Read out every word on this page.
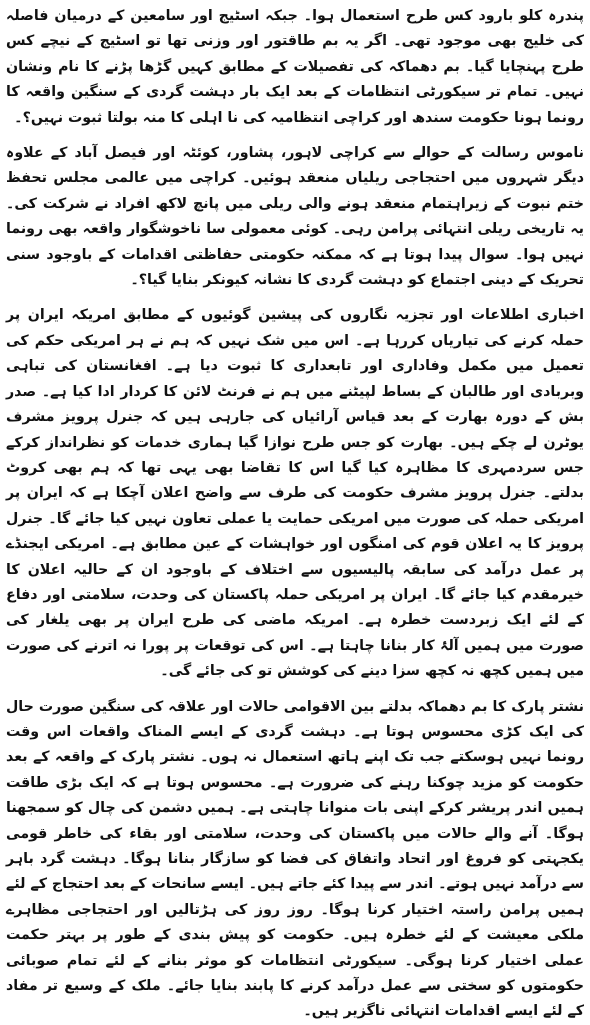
پندرہ کلو بارود کس طرح استعمال ہوا۔ جبکہ اسٹیج اور سامعین کے درمیان فاصلہ کی خلیج بھی موجود تھی۔ اگر یہ بم طاقتور اور وزنی تھا تو اسٹیج کے نیچے کس طرح پہنچایا گیا۔ بم دھماکہ کی تفصیلات کے مطابق کہیں گڑھا پڑنے کا نام ونشان نہیں۔ تمام تر سیکورٹی انتظامات کے بعد ایک بار دہشت گردی کے سنگین واقعہ کا رونما ہونا حکومت سندھ اور کراچی انتظامیہ کی نا اہلی کا منہ بولتا ثبوت نہیں؟۔

ناموس رسالت کے حوالے سے کراچی لاہور، پشاور، کوئٹہ اور فیصل آباد کے علاوہ دیگر شہروں میں احتجاجی ریلیاں منعقد ہوئیں۔ کراچی میں عالمی مجلس تحفظ ختم نبوت کے زیراہتمام منعقد ہونے والی ریلی میں پانچ لاکھ افراد نے شرکت کی۔ یہ تاریخی ریلی انتہائی پرامن رہی۔ کوئی معمولی سا ناخوشگوار واقعہ بھی رونما نہیں ہوا۔ سوال پیدا ہوتا ہے کہ ممکنہ حکومتی حفاظتی اقدامات کے باوجود سنی تحریک کے دینی اجتماع کو دہشت گردی کا نشانہ کیونکر بنایا گیا؟۔

اخباری اطلاعات اور تجزیہ نگاروں کی پیشین گوئیوں کے مطابق امریکہ ایران پر حملہ کرنے کی تیاریاں کررہا ہے۔ اس میں شک نہیں کہ ہم نے ہر امریکی حکم کی تعمیل میں مکمل وفاداری اور تابعداری کا ثبوت دیا ہے۔ افغانستان کی تباہی وبربادی اور طالبان کے بساط لپیٹنے میں ہم نے فرنٹ لائن کا کردار ادا کیا ہے۔ صدر بش کے دورہ بھارت کے بعد قیاس آرائیاں کی جارہی ہیں کہ جنرل پرویز مشرف یوٹرن لے چکے ہیں۔ بھارت کو جس طرح نوازا گیا ہماری خدمات کو نظرانداز کرکے جس سردمہری کا مظاہرہ کیا گیا اس کا تقاضا بھی یہی تھا کہ ہم بھی کروٹ بدلتے۔ جنرل پرویز مشرف حکومت کی طرف سے واضح اعلان آچکا ہے کہ ایران پر امریکی حملہ کی صورت میں امریکی حمایت یا عملی تعاون نہیں کیا جائے گا۔ جنرل پرویز کا یہ اعلان قوم کی امنگوں اور خواہشات کے عین مطابق ہے۔ امریکی ایجنڈے پر عمل درآمد کی سابقہ پالیسیوں سے اختلاف کے باوجود ان کے حالیہ اعلان کا خیرمقدم کیا جائے گا۔ ایران پر امریکی حملہ پاکستان کی وحدت، سلامتی اور دفاع کے لئے ایک زبردست خطرہ ہے۔ امریکہ ماضی کی طرح ایران پر بھی یلغار کی صورت میں ہمیں آلۂ کار بنانا چاہتا ہے۔ اس کی توقعات پر پورا نہ اترنے کی صورت میں ہمیں کچھ نہ کچھ سزا دینے کی کوشش تو کی جائے گی۔

نشتر پارک کا بم دھماکہ بدلتے بین الاقوامی حالات اور علاقہ کی سنگین صورت حال کی ایک کڑی محسوس ہوتا ہے۔ دہشت گردی کے ایسے المناک واقعات اس وقت رونما نہیں ہوسکتے جب تک اپنے ہاتھ استعمال نہ ہوں۔ نشتر پارک کے واقعہ کے بعد حکومت کو مزید چوکنا رہنے کی ضرورت ہے۔ محسوس ہوتا ہے کہ ایک بڑی طاقت ہمیں اندر پریشر کرکے اپنی بات منوانا چاہتی ہے۔ ہمیں دشمن کی چال کو سمجھنا ہوگا۔ آنے والے حالات میں پاکستان کی وحدت، سلامتی اور بقاء کی خاطر قومی یکجہتی کو فروغ اور اتحاد واتفاق کی فضا کو سازگار بنانا ہوگا۔ دہشت گرد باہر سے درآمد نہیں ہوتے۔ اندر سے پیدا کئے جاتے ہیں۔ ایسے سانحات کے بعد احتجاج کے لئے ہمیں پرامن راستہ اختیار کرنا ہوگا۔ روز روز کی ہڑتالیں اور احتجاجی مظاہرے ملکی معیشت کے لئے خطرہ ہیں۔ حکومت کو پیش بندی کے طور پر بہتر حکمت عملی اختیار کرنا ہوگی۔ سیکورٹی انتظامات کو موثر بنانے کے لئے تمام صوبائی حکومتوں کو سختی سے عمل درآمد کرنے کا پابند بنایا جائے۔ ملک کے وسیع تر مفاد کے لئے ایسے اقدامات انتہائی ناگزیر ہیں۔
